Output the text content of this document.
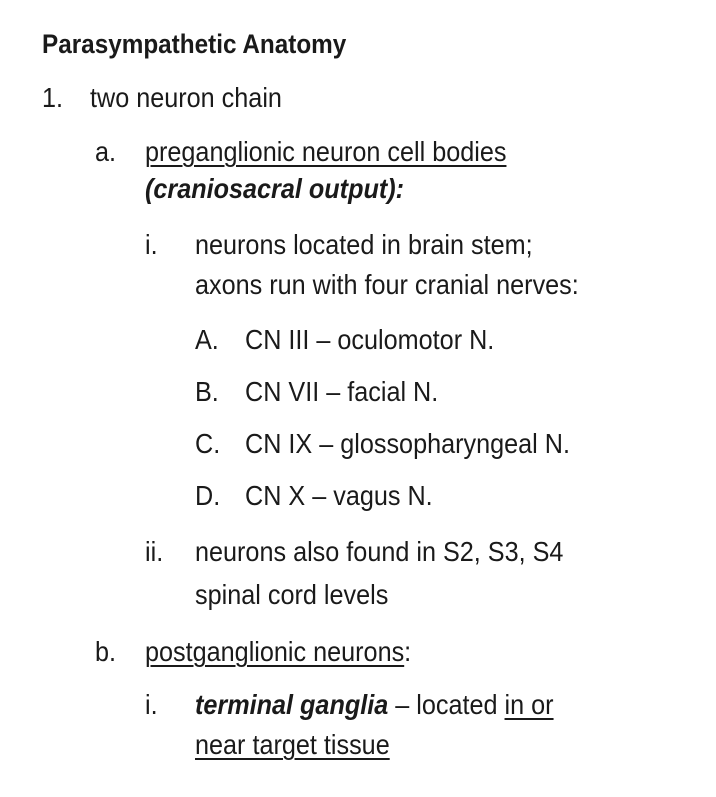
Parasympathetic Anatomy
1. two neuron chain
a. preganglionic neuron cell bodies
(craniosacral output):
i. neurons located in brain stem;
axons run with four cranial nerves:
A. CN III – oculomotor N.
B. CN VII – facial N.
C. CN IX – glossopharyngeal N.
D. CN X – vagus N.
ii. neurons also found in S2, S3, S4
spinal cord levels
b. postganglionic neurons:
i. terminal ganglia – located in or
near target tissue
